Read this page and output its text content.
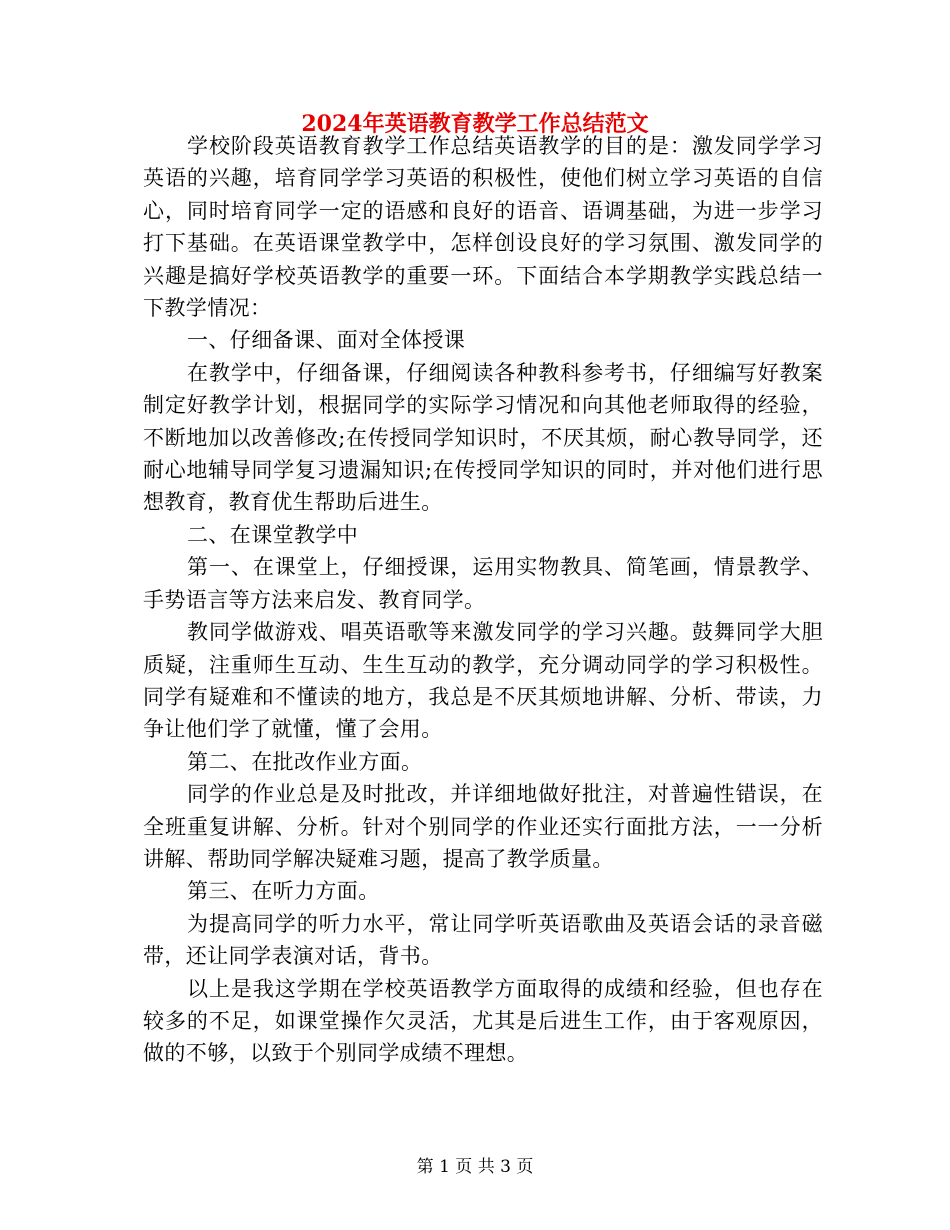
2024年英语教育教学工作总结范文

学校阶段英语教育教学工作总结英语教学的目的是：激发同学学习英语的兴趣，培育同学学习英语的积极性，使他们树立学习英语的自信心，同时培育同学一定的语感和良好的语音、语调基础，为进一步学习打下基础。在英语课堂教学中，怎样创设良好的学习氛围、激发同学的兴趣是搞好学校英语教学的重要一环。下面结合本学期教学实践总结一下教学情况：

一、仔细备课、面对全体授课

在教学中，仔细备课，仔细阅读各种教科参考书，仔细编写好教案制定好教学计划，根据同学的实际学习情况和向其他老师取得的经验，不断地加以改善修改;在传授同学知识时，不厌其烦，耐心教导同学，还耐心地辅导同学复习遗漏知识;在传授同学知识的同时，并对他们进行思想教育，教育优生帮助后进生。

二、在课堂教学中

第一、在课堂上，仔细授课，运用实物教具、简笔画，情景教学、手势语言等方法来启发、教育同学。

教同学做游戏、唱英语歌等来激发同学的学习兴趣。鼓舞同学大胆质疑，注重师生互动、生生互动的教学，充分调动同学的学习积极性。同学有疑难和不懂读的地方，我总是不厌其烦地讲解、分析、带读，力争让他们学了就懂，懂了会用。

第二、在批改作业方面。

同学的作业总是及时批改，并详细地做好批注，对普遍性错误，在全班重复讲解、分析。针对个别同学的作业还实行面批方法，一一分析讲解、帮助同学解决疑难习题，提高了教学质量。

第三、在听力方面。

为提高同学的听力水平，常让同学听英语歌曲及英语会话的录音磁带，还让同学表演对话，背书。

以上是我这学期在学校英语教学方面取得的成绩和经验，但也存在较多的不足，如课堂操作欠灵活，尤其是后进生工作，由于客观原因，做的不够，以致于个别同学成绩不理想。

第 1 页 共 3 页
